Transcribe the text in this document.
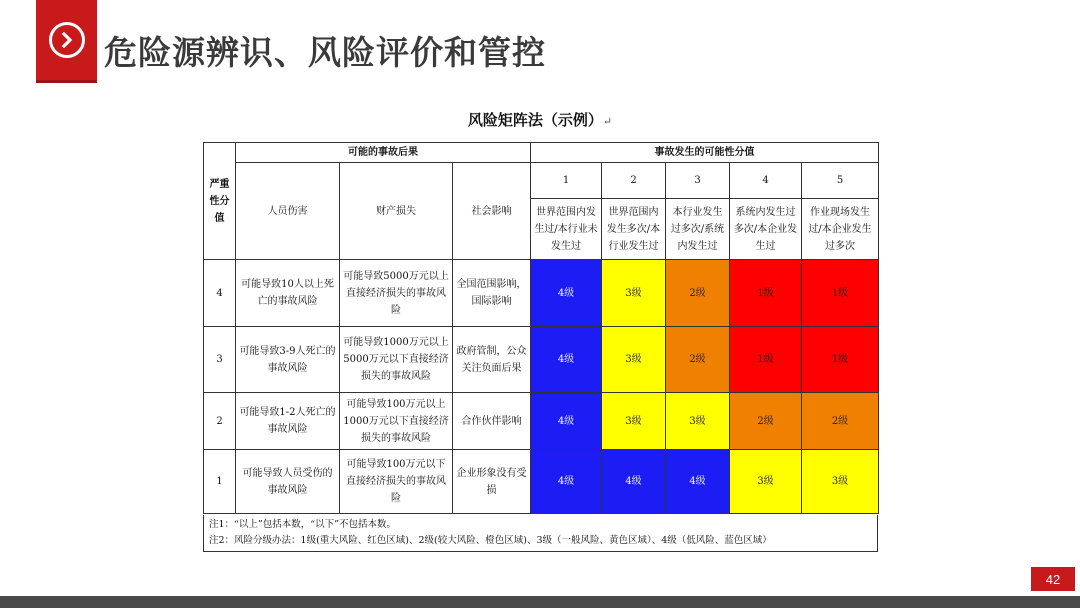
危险源辨识、风险评价和管控
风险矩阵法（示例）↵
严重性分值	可能的事故后果			事故发生的可能性分值				
	人员伤害	财产损失	社会影响	1	2	3	4	5
				世界范围内发生过/本行业未发生过	世界范围内发生多次/本行业发生过	本行业发生过多次/系统内发生过	系统内发生过多次/本企业发生过	作业现场发生过/本企业发生过多次
4	可能导致10人以上死亡的事故风险	可能导致5000万元以上直接经济损失的事故风险	全国范围影响，国际影响	4级	3级	2级	1级	1级
3	可能导致3-9人死亡的事故风险	可能导致1000万元以上5000万元以下直接经济损失的事故风险	政府管制，公众关注负面后果	4级	3级	2级	1级	1级
2	可能导致1-2人死亡的事故风险	可能导致100万元以上1000万元以下直接经济损失的事故风险	合作伙伴影响	4级	3级	3级	2级	2级
1	可能导致人员受伤的事故风险	可能导致100万元以下直接经济损失的事故风险	企业形象没有受损	4级	4级	4级	3级	3级
注1：“以上”包括本数，“以下”不包括本数。
注2：风险分级办法：1级(重大风险、红色区域)、2级(较大风险、橙色区域)、3级（一般风险、黄色区域）、4级（低风险、蓝色区域）
42
